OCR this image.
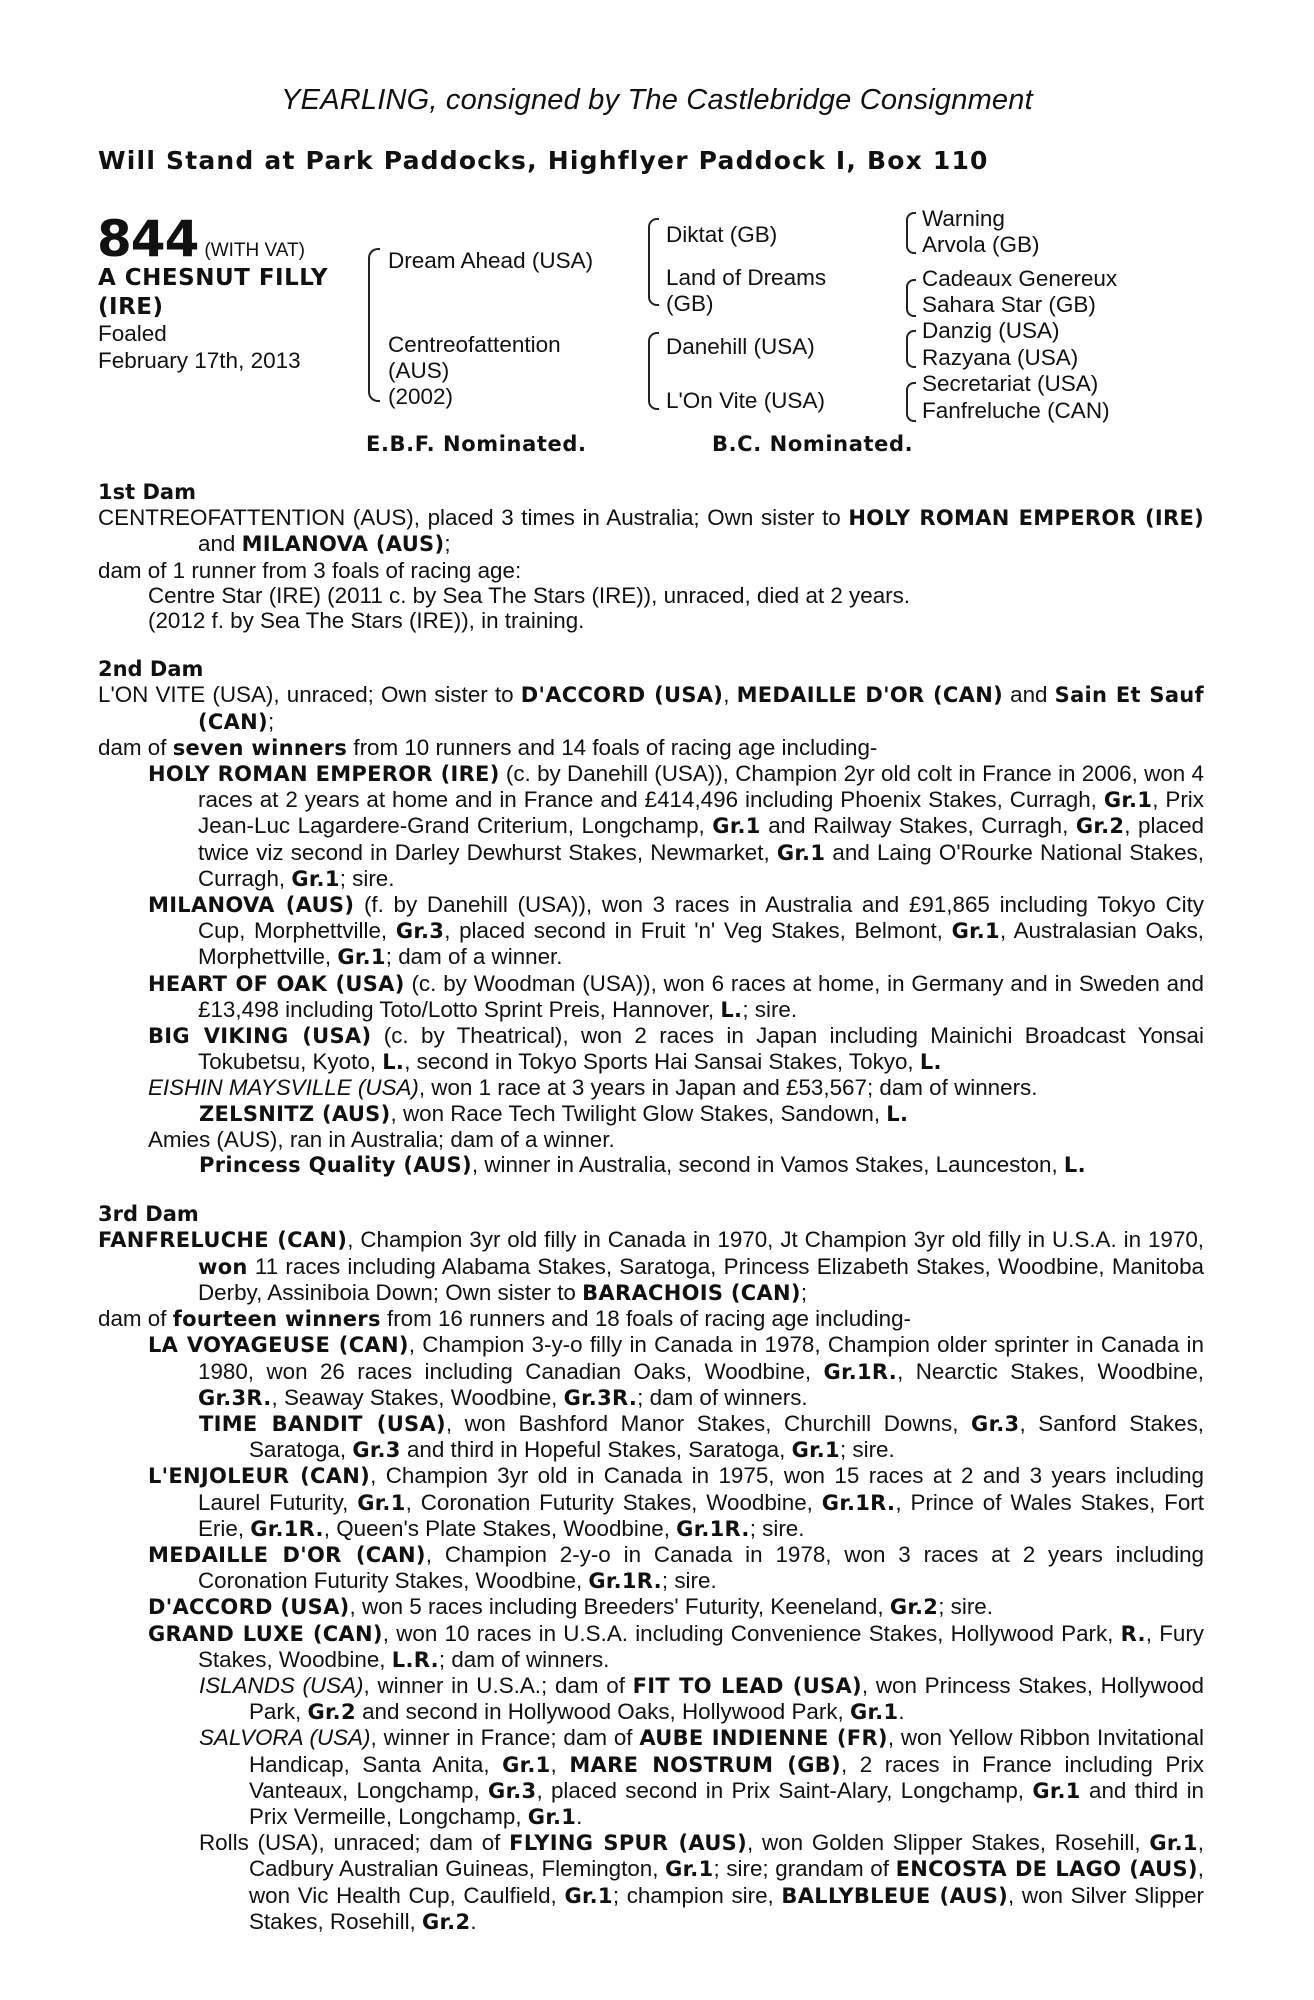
YEARLING, consigned by The Castlebridge Consignment
Will Stand at Park Paddocks, Highflyer Paddock I, Box 110
844 (WITH VAT)
A CHESNUT FILLY
(IRE)
Foaled
February 17th, 2013
Dream Ahead (USA)
Centreofattention
(AUS)
(2002)
Diktat (GB)
Land of Dreams
(GB)
Danehill (USA)
L'On Vite (USA)
Warning
Arvola (GB)
Cadeaux Genereux
Sahara Star (GB)
Danzig (USA)
Razyana (USA)
Secretariat (USA)
Fanfreluche (CAN)
E.B.F. Nominated.	B.C. Nominated.
1st Dam
CENTREOFATTENTION (AUS), placed 3 times in Australia; Own sister to HOLY ROMAN EMPEROR (IRE) and MILANOVA (AUS);
dam of 1 runner from 3 foals of racing age:
Centre Star (IRE) (2011 c. by Sea The Stars (IRE)), unraced, died at 2 years.
(2012 f. by Sea The Stars (IRE)), in training.
2nd Dam
L'ON VITE (USA), unraced; Own sister to D'ACCORD (USA), MEDAILLE D'OR (CAN) and Sain Et Sauf (CAN);
dam of seven winners from 10 runners and 14 foals of racing age including-
HOLY ROMAN EMPEROR (IRE) (c. by Danehill (USA)), Champion 2yr old colt in France in 2006, won 4 races at 2 years at home and in France and £414,496 including Phoenix Stakes, Curragh, Gr.1, Prix Jean-Luc Lagardere-Grand Criterium, Longchamp, Gr.1 and Railway Stakes, Curragh, Gr.2, placed twice viz second in Darley Dewhurst Stakes, Newmarket, Gr.1 and Laing O'Rourke National Stakes, Curragh, Gr.1; sire.
MILANOVA (AUS) (f. by Danehill (USA)), won 3 races in Australia and £91,865 including Tokyo City Cup, Morphettville, Gr.3, placed second in Fruit 'n' Veg Stakes, Belmont, Gr.1, Australasian Oaks, Morphettville, Gr.1; dam of a winner.
HEART OF OAK (USA) (c. by Woodman (USA)), won 6 races at home, in Germany and in Sweden and £13,498 including Toto/Lotto Sprint Preis, Hannover, L.; sire.
BIG VIKING (USA) (c. by Theatrical), won 2 races in Japan including Mainichi Broadcast Yonsai Tokubetsu, Kyoto, L., second in Tokyo Sports Hai Sansai Stakes, Tokyo, L.
EISHIN MAYSVILLE (USA), won 1 race at 3 years in Japan and £53,567; dam of winners.
ZELSNITZ (AUS), won Race Tech Twilight Glow Stakes, Sandown, L.
Amies (AUS), ran in Australia; dam of a winner.
Princess Quality (AUS), winner in Australia, second in Vamos Stakes, Launceston, L.
3rd Dam
FANFRELUCHE (CAN), Champion 3yr old filly in Canada in 1970, Jt Champion 3yr old filly in U.S.A. in 1970, won 11 races including Alabama Stakes, Saratoga, Princess Elizabeth Stakes, Woodbine, Manitoba Derby, Assiniboia Down; Own sister to BARACHOIS (CAN);
dam of fourteen winners from 16 runners and 18 foals of racing age including-
LA VOYAGEUSE (CAN), Champion 3-y-o filly in Canada in 1978, Champion older sprinter in Canada in 1980, won 26 races including Canadian Oaks, Woodbine, Gr.1R., Nearctic Stakes, Woodbine, Gr.3R., Seaway Stakes, Woodbine, Gr.3R.; dam of winners.
TIME BANDIT (USA), won Bashford Manor Stakes, Churchill Downs, Gr.3, Sanford Stakes, Saratoga, Gr.3 and third in Hopeful Stakes, Saratoga, Gr.1; sire.
L'ENJOLEUR (CAN), Champion 3yr old in Canada in 1975, won 15 races at 2 and 3 years including Laurel Futurity, Gr.1, Coronation Futurity Stakes, Woodbine, Gr.1R., Prince of Wales Stakes, Fort Erie, Gr.1R., Queen's Plate Stakes, Woodbine, Gr.1R.; sire.
MEDAILLE D'OR (CAN), Champion 2-y-o in Canada in 1978, won 3 races at 2 years including Coronation Futurity Stakes, Woodbine, Gr.1R.; sire.
D'ACCORD (USA), won 5 races including Breeders' Futurity, Keeneland, Gr.2; sire.
GRAND LUXE (CAN), won 10 races in U.S.A. including Convenience Stakes, Hollywood Park, R., Fury Stakes, Woodbine, L.R.; dam of winners.
ISLANDS (USA), winner in U.S.A.; dam of FIT TO LEAD (USA), won Princess Stakes, Hollywood Park, Gr.2 and second in Hollywood Oaks, Hollywood Park, Gr.1.
SALVORA (USA), winner in France; dam of AUBE INDIENNE (FR), won Yellow Ribbon Invitational Handicap, Santa Anita, Gr.1, MARE NOSTRUM (GB), 2 races in France including Prix Vanteaux, Longchamp, Gr.3, placed second in Prix Saint-Alary, Longchamp, Gr.1 and third in Prix Vermeille, Longchamp, Gr.1.
Rolls (USA), unraced; dam of FLYING SPUR (AUS), won Golden Slipper Stakes, Rosehill, Gr.1, Cadbury Australian Guineas, Flemington, Gr.1; sire; grandam of ENCOSTA DE LAGO (AUS), won Vic Health Cup, Caulfield, Gr.1; champion sire, BALLYBLEUE (AUS), won Silver Slipper Stakes, Rosehill, Gr.2.
